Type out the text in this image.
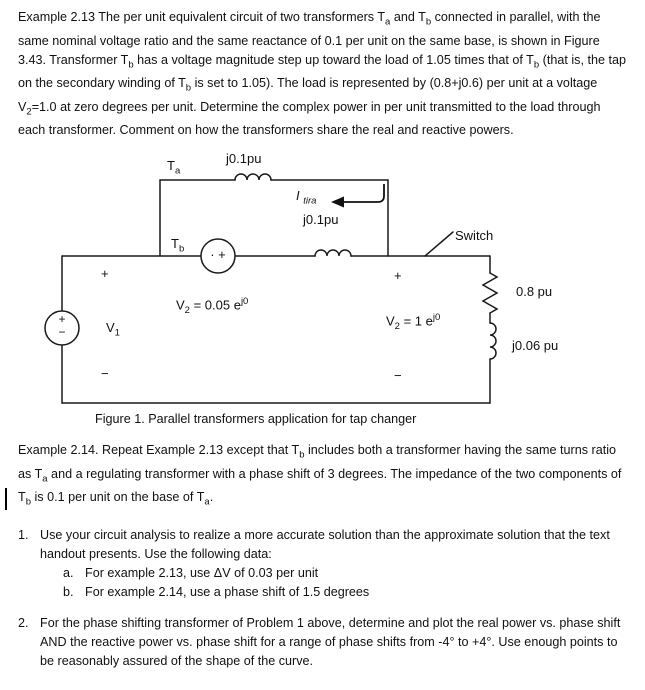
Example 2.13 The per unit equivalent circuit of two transformers $T_a$ and $T_b$ connected in parallel, with the same nominal voltage ratio and the same reactance of 0.1 per unit on the same base, is shown in Figure 3.43. Transformer $T_b$ has a voltage magnitude step up toward the load of 1.05 times that of $T_b$ (that is, the tap on the secondary winding of $T_b$ is set to 1.05). The load is represented by (0.8+j0.6) per unit at a voltage $V_2=1.0$ at zero degrees per unit. Determine the complex power in per unit transmitted to the load through each transformer. Comment on how the transformers share the real and reactive powers.

$T_a$
j0.1pu
I $_{tira}$
j0.1pu
$T_b$	· +
Switch
+
$V_2 = 0.05$ $e^{j0}$
$V_1$
+
−
+
$V_2 = 1$ $e^{j0}$
−
−
0.8 pu
j0.06 pu

Figure 1. Parallel transformers application for tap changer

Example 2.14. Repeat Example 2.13 except that $T_b$ includes both a transformer having the same turns ratio as $T_a$ and a regulating transformer with a phase shift of 3 degrees. The impedance of the two components of $T_b$ is 0.1 per unit on the base of $T_a$.

1. Use your circuit analysis to realize a more accurate solution than the approximate solution that the text handout presents. Use the following data:
a. For example 2.13, use ΔV of 0.03 per unit
b. For example 2.14, use a phase shift of 1.5 degrees
2. For the phase shifting transformer of Problem 1 above, determine and plot the real power vs. phase shift AND the reactive power vs. phase shift for a range of phase shifts from -4° to +4°. Use enough points to be reasonably assured of the shape of the curve.
